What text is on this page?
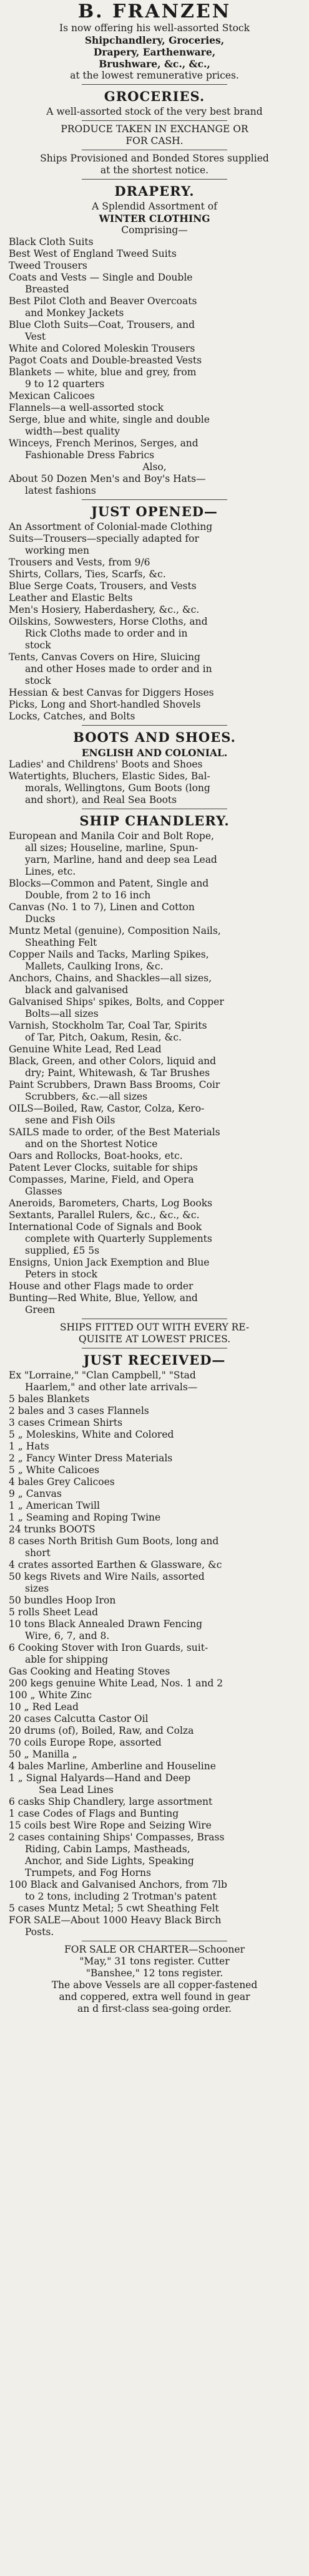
B. FRANZEN
Is now offering his well-assorted Stock
Shipchandlery, Groceries,
Drapery, Earthenware,
Brushware, &c., &c.,
at the lowest remunerative prices.
GROCERIES.
A well-assorted stock of the very best brand
PRODUCE TAKEN IN EXCHANGE OR
FOR CASH.
Ships Provisioned and Bonded Stores supplied
at the shortest notice.
DRAPERY.
A Splendid Assortment of
WINTER CLOTHING
Comprising—
Black Cloth Suits
Best West of England Tweed Suits
Tweed Trousers
Coats and Vests — Single and Double
Breasted
Best Pilot Cloth and Beaver Overcoats
and Monkey Jackets
Blue Cloth Suits—Coat, Trousers, and
Vest
White and Colored Moleskin Trousers
Pagot Coats and Double-breasted Vests
Blankets — white, blue and grey, from
9 to 12 quarters
Mexican Calicoes
Flannels—a well-assorted stock
Serge, blue and white, single and double
width—best quality
Winceys, French Merinos, Serges, and
Fashionable Dress Fabrics
Also,
About 50 Dozen Men's and Boy's Hats—
latest fashions
JUST OPENED—
An Assortment of Colonial-made Clothing
Suits—Trousers—specially adapted for
working men
Trousers and Vests, from 9/6
Shirts, Collars, Ties, Scarfs, &c.
Blue Serge Coats, Trousers, and Vests
Leather and Elastic Belts
Men's Hosiery, Haberdashery, &c., &c.
Oilskins, Sowwesters, Horse Cloths, and
Rick Cloths made to order and in
stock
Tents, Canvas Covers on Hire, Sluicing
and other Hoses made to order and in
stock
Hessian & best Canvas for Diggers Hoses
Picks, Long and Short-handled Shovels
Locks, Catches, and Bolts
BOOTS AND SHOES.
ENGLISH AND COLONIAL.
Ladies' and Childrens' Boots and Shoes
Watertights, Bluchers, Elastic Sides, Bal-
morals, Wellingtons, Gum Boots (long
and short), and Real Sea Boots
SHIP CHANDLERY.
European and Manila Coir and Bolt Rope,
all sizes; Houseline, marline, Spun-
yarn, Marline, hand and deep sea Lead
Lines, etc.
Blocks—Common and Patent, Single and
Double, from 2 to 16 inch
Canvas (No. 1 to 7), Linen and Cotton
Ducks
Muntz Metal (genuine), Composition Nails,
Sheathing Felt
Copper Nails and Tacks, Marling Spikes,
Mallets, Caulking Irons, &c.
Anchors, Chains, and Shackles—all sizes,
black and galvanised
Galvanised Ships' spikes, Bolts, and Copper
Bolts—all sizes
Varnish, Stockholm Tar, Coal Tar, Spirits
of Tar, Pitch, Oakum, Resin, &c.
Genuine White Lead, Red Lead
Black, Green, and other Colors, liquid and
dry; Paint, Whitewash, & Tar Brushes
Paint Scrubbers, Drawn Bass Brooms, Coir
Scrubbers, &c.—all sizes
OILS—Boiled, Raw, Castor, Colza, Kero-
sene and Fish Oils
SAILS made to order, of the Best Materials
and on the Shortest Notice
Oars and Rollocks, Boat-hooks, etc.
Patent Lever Clocks, suitable for ships
Compasses, Marine, Field, and Opera
Glasses
Aneroids, Barometers, Charts, Log Books
Sextants, Parallel Rulers, &c., &c., &c.
International Code of Signals and Book
complete with Quarterly Supplements
supplied, £5 5s
Ensigns, Union Jack Exemption and Blue
Peters in stock
House and other Flags made to order
Bunting—Red White, Blue, Yellow, and
Green
SHIPS FITTED OUT WITH EVERY RE-
QUISITE AT LOWEST PRICES.
JUST RECEIVED—
Ex "Lorraine," "Clan Campbell," "Stad
Haarlem," and other late arrivals—
5 bales Blankets
2 bales and 3 cases Flannels
3 cases Crimean Shirts
5 „ Moleskins, White and Colored
1 „ Hats
2 „ Fancy Winter Dress Materials
5 „ White Calicoes
4 bales Grey Calicoes
9 „ Canvas
1 „ American Twill
1 „ Seaming and Roping Twine
24 trunks BOOTS
8 cases North British Gum Boots, long and
short
4 crates assorted Earthen & Glassware, &c
50 kegs Rivets and Wire Nails, assorted
sizes
50 bundles Hoop Iron
5 rolls Sheet Lead
10 tons Black Annealed Drawn Fencing
Wire, 6, 7, and 8.
6 Cooking Stover with Iron Guards, suit-
able for shipping
Gas Cooking and Heating Stoves
200 kegs genuine White Lead, Nos. 1 and 2
100 „ White Zinc
10 „ Red Lead
20 cases Calcutta Castor Oil
20 drums (of), Boiled, Raw, and Colza
70 coils Europe Rope, assorted
50 „ Manilla „
4 bales Marline, Amberline and Houseline
1 „ Signal Halyards—Hand and Deep
Sea Lead Lines
6 casks Ship Chandlery, large assortment
1 case Codes of Flags and Bunting
15 coils best Wire Rope and Seizing Wire
2 cases containing Ships' Compasses, Brass
Riding, Cabin Lamps, Mastheads,
Anchor, and Side Lights, Speaking
Trumpets, and Fog Horns
100 Black and Galvanised Anchors, from 7lb
to 2 tons, including 2 Trotman's patent
5 cases Muntz Metal; 5 cwt Sheathing Felt
FOR SALE—About 1000 Heavy Black Birch
Posts.
FOR SALE OR CHARTER—Schooner
"May," 31 tons register. Cutter
"Banshee," 12 tons register.
The above Vessels are all copper-fastened
and coppered, extra well found in gear
an d first-class sea-going order.
